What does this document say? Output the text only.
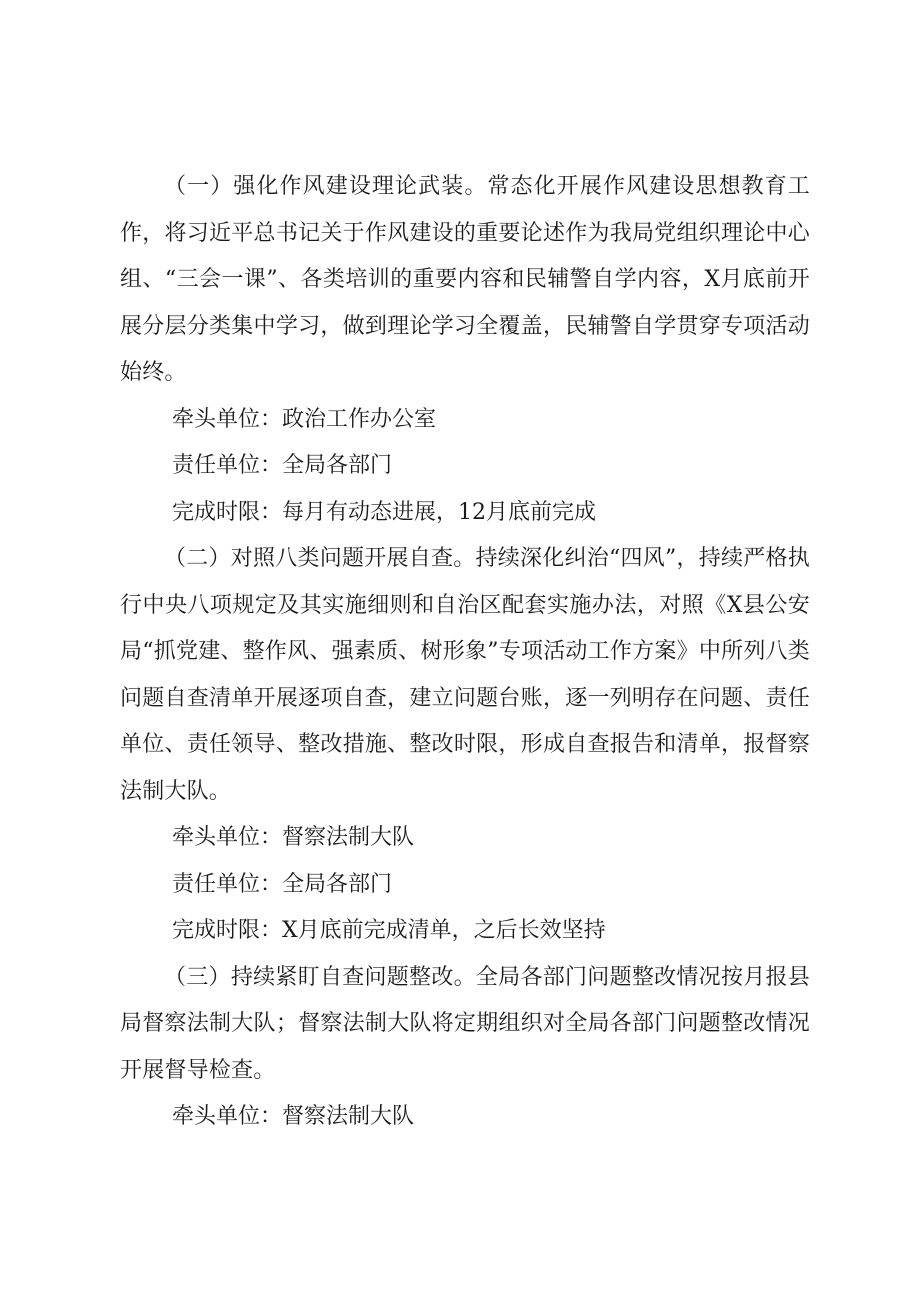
（一）强化作风建设理论武装。常态化开展作风建设思想教育工作，将习近平总书记关于作风建设的重要论述作为我局党组织理论中心组、“三会一课”、各类培训的重要内容和民辅警自学内容，X月底前开展分层分类集中学习，做到理论学习全覆盖，民辅警自学贯穿专项活动始终。

牵头单位：政治工作办公室

责任单位：全局各部门

完成时限：每月有动态进展，12月底前完成

（二）对照八类问题开展自查。持续深化纠治“四风”，持续严格执行中央八项规定及其实施细则和自治区配套实施办法，对照《X县公安局“抓党建、整作风、强素质、树形象”专项活动工作方案》中所列八类问题自查清单开展逐项自查，建立问题台账，逐一列明存在问题、责任单位、责任领导、整改措施、整改时限，形成自查报告和清单，报督察法制大队。

牵头单位：督察法制大队

责任单位：全局各部门

完成时限：X月底前完成清单，之后长效坚持

（三）持续紧盯自查问题整改。全局各部门问题整改情况按月报县局督察法制大队；督察法制大队将定期组织对全局各部门问题整改情况开展督导检查。

牵头单位：督察法制大队
